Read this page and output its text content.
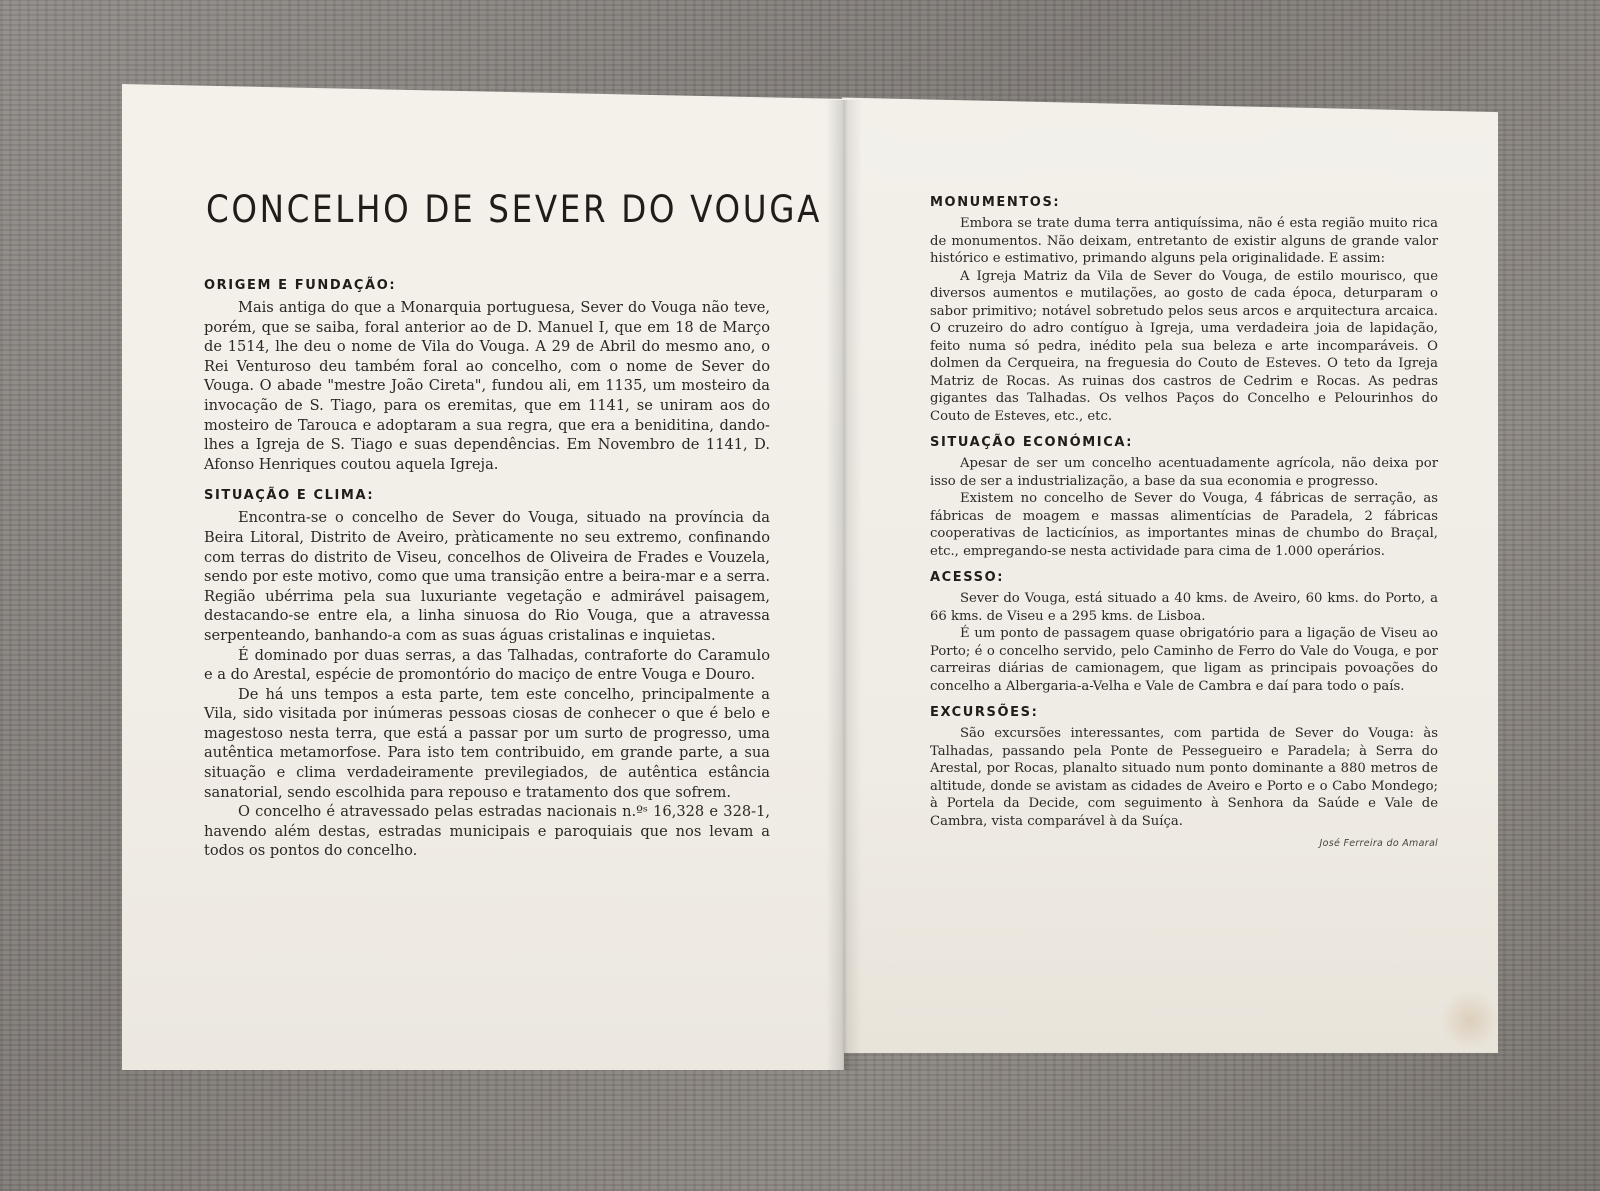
CONCELHO DE SEVER DO VOUGA
ORIGEM E FUNDAÇÃO:

Mais antiga do que a Monarquia portuguesa, Sever do Vouga não teve, porém, que se saiba, foral anterior ao de D. Manuel I, que em 18 de Março de 1514, lhe deu o nome de Vila do Vouga. A 29 de Abril do mesmo ano, o Rei Venturoso deu também foral ao concelho, com o nome de Sever do Vouga. O abade "mestre João Cireta", fundou ali, em 1135, um mosteiro da invocação de S. Tiago, para os eremitas, que em 1141, se uniram aos do mosteiro de Tarouca e adoptaram a sua regra, que era a beniditina, dando-lhes a Igreja de S. Tiago e suas dependências. Em Novembro de 1141, D. Afonso Henriques coutou aquela Igreja.

SITUAÇÃO E CLIMA:

Encontra-se o concelho de Sever do Vouga, situado na província da Beira Litoral, Distrito de Aveiro, pràticamente no seu extremo, confinando com terras do distrito de Viseu, concelhos de Oliveira de Frades e Vouzela, sendo por este motivo, como que uma transição entre a beira-mar e a serra. Região ubérrima pela sua luxuriante vegetação e admirável paisagem, destacando-se entre ela, a linha sinuosa do Rio Vouga, que a atravessa serpenteando, banhando-a com as suas águas cristalinas e inquietas.

É dominado por duas serras, a das Talhadas, contraforte do Caramulo e a do Arestal, espécie de promontório do maciço de entre Vouga e Douro.

De há uns tempos a esta parte, tem este concelho, principalmente a Vila, sido visitada por inúmeras pessoas ciosas de conhecer o que é belo e magestoso nesta terra, que está a passar por um surto de progresso, uma autêntica metamorfose. Para isto tem contribuido, em grande parte, a sua situação e clima verdadeiramente previlegiados, de autêntica estância sanatorial, sendo escolhida para repouso e tratamento dos que sofrem.

O concelho é atravessado pelas estradas nacionais n.ºˢ 16,328 e 328-1, havendo além destas, estradas municipais e paroquiais que nos levam a todos os pontos do concelho.

MONUMENTOS:

Embora se trate duma terra antiquíssima, não é esta região muito rica de monumentos. Não deixam, entretanto de existir alguns de grande valor histórico e estimativo, primando alguns pela originalidade. E assim:

A Igreja Matriz da Vila de Sever do Vouga, de estilo mourisco, que diversos aumentos e mutilações, ao gosto de cada época, deturparam o sabor primitivo; notável sobretudo pelos seus arcos e arquitectura arcaica. O cruzeiro do adro contíguo à Igreja, uma verdadeira joia de lapidação, feito numa só pedra, inédito pela sua beleza e arte incomparáveis. O dolmen da Cerqueira, na freguesia do Couto de Esteves. O teto da Igreja Matriz de Rocas. As ruinas dos castros de Cedrim e Rocas. As pedras gigantes das Talhadas. Os velhos Paços do Concelho e Pelourinhos do Couto de Esteves, etc., etc.

SITUAÇÃO ECONÓMICA:

Apesar de ser um concelho acentuadamente agrícola, não deixa por isso de ser a industrialização, a base da sua economia e progresso.

Existem no concelho de Sever do Vouga, 4 fábricas de serração, as fábricas de moagem e massas alimentícias de Paradela, 2 fábricas cooperativas de lacticínios, as importantes minas de chumbo do Braçal, etc., empregando-se nesta actividade para cima de 1.000 operários.

ACESSO:

Sever do Vouga, está situado a 40 kms. de Aveiro, 60 kms. do Porto, a 66 kms. de Viseu e a 295 kms. de Lisboa.

É um ponto de passagem quase obrigatório para a ligação de Viseu ao Porto; é o concelho servido, pelo Caminho de Ferro do Vale do Vouga, e por carreiras diárias de camionagem, que ligam as principais povoações do concelho a Albergaria-a-Velha e Vale de Cambra e daí para todo o país.

EXCURSÕES:

São excursões interessantes, com partida de Sever do Vouga: às Talhadas, passando pela Ponte de Pessegueiro e Paradela; à Serra do Arestal, por Rocas, planalto situado num ponto dominante a 880 metros de altitude, donde se avistam as cidades de Aveiro e Porto e o Cabo Mondego; à Portela da Decide, com seguimento à Senhora da Saúde e Vale de Cambra, vista comparável à da Suíça.

José Ferreira do Amaral
